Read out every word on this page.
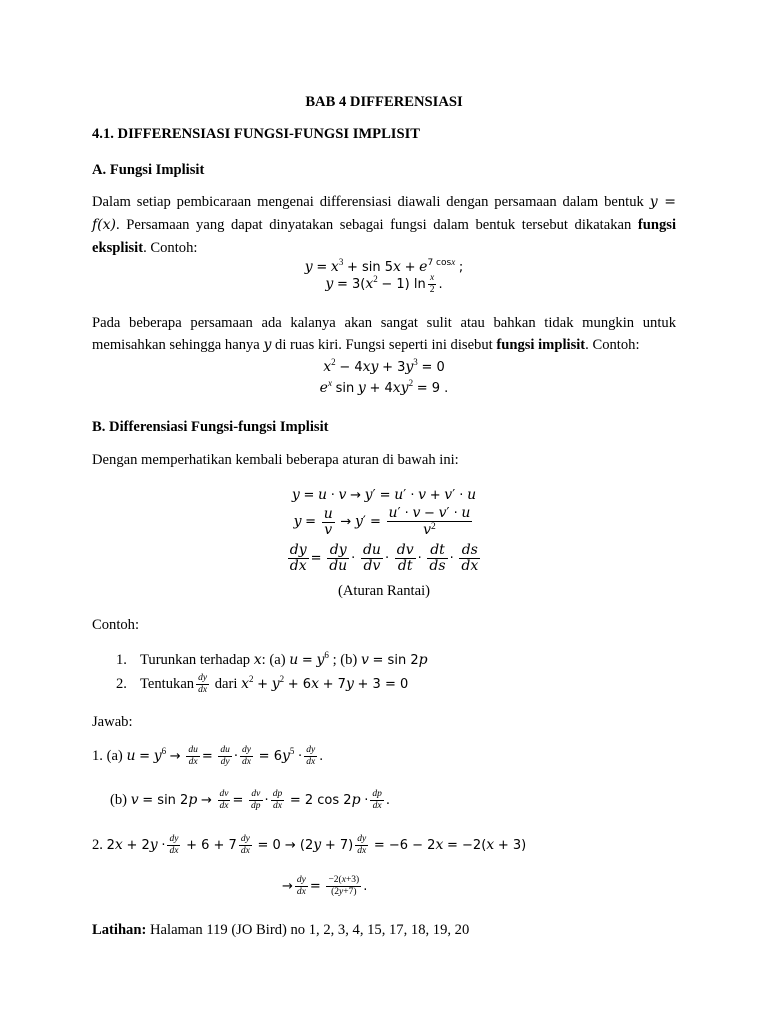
BAB 4 DIFFERENSIASI
4.1. DIFFERENSIASI FUNGSI-FUNGSI IMPLISIT
A. Fungsi Implisit
Dalam setiap pembicaraan mengenai differensiasi diawali dengan persamaan dalam bentuk y = f(x). Persamaan yang dapat dinyatakan sebagai fungsi dalam bentuk tersebut dikatakan fungsi eksplisit. Contoh:
$y = x^3 + \sin 5x + e^{7 cosx}$ ;
$y = 3(x^2 - 1)$ $\ln \frac{x}{2}$ .
Pada beberapa persamaan ada kalanya akan sangat sulit atau bahkan tidak mungkin untuk memisahkan sehingga hanya y di ruas kiri. Fungsi seperti ini disebut fungsi implisit. Contoh:
$x^2 - 4xy + 3y^3 = 0$
$e^x$ $\sin y + 4xy^2 = 9$ .
B. Differensiasi Fungsi-fungsi Implisit
Dengan memperhatikan kembali beberapa aturan di bawah ini:
y = u · v → y′ = u′ · v + v′ · u
$y = \frac{u}{v} \to y' = \frac{u' \cdot v - v' \cdot u}{v^2}$
$\frac{dy}{dx} = \frac{dy}{du} \cdot \frac{du}{dv} \cdot \frac{dv}{dt} \cdot \frac{dt}{ds} \cdot \frac{ds}{dx}$
(Aturan Rantai)
Contoh:
1. Turunkan terhadap x: (a) $u = y^6$ ; (b) v = sin 2p
2. Tentukan $\frac{dy}{dx}$ dari $x^2 + y^2 + 6x + 7y + 3 = 0$
Jawab:
1. (a) $u = y^6 \to \frac{du}{dx} = \frac{du}{dy} \cdot \frac{dy}{dx} = 6y^5 \cdot \frac{dy}{dx}$ .
(b) $v = \sin 2p \to \frac{dv}{dx} = \frac{dv}{dp} \cdot \frac{dp}{dx} = 2$ $\cos 2p \cdot \frac{dp}{dx}$ .
2. $2x + 2y \cdot \frac{dy}{dx} + 6 + 7 \frac{dy}{dx} = 0 \to (2y + 7) \frac{dy}{dx} = -6 - 2x = -2(x + 3)$
→ $\frac{dy}{dx} = \frac{-2(x+3)}{(2y+7)}$ .
Latihan: Halaman 119 (JO Bird) no 1, 2, 3, 4, 15, 17, 18, 19, 20
